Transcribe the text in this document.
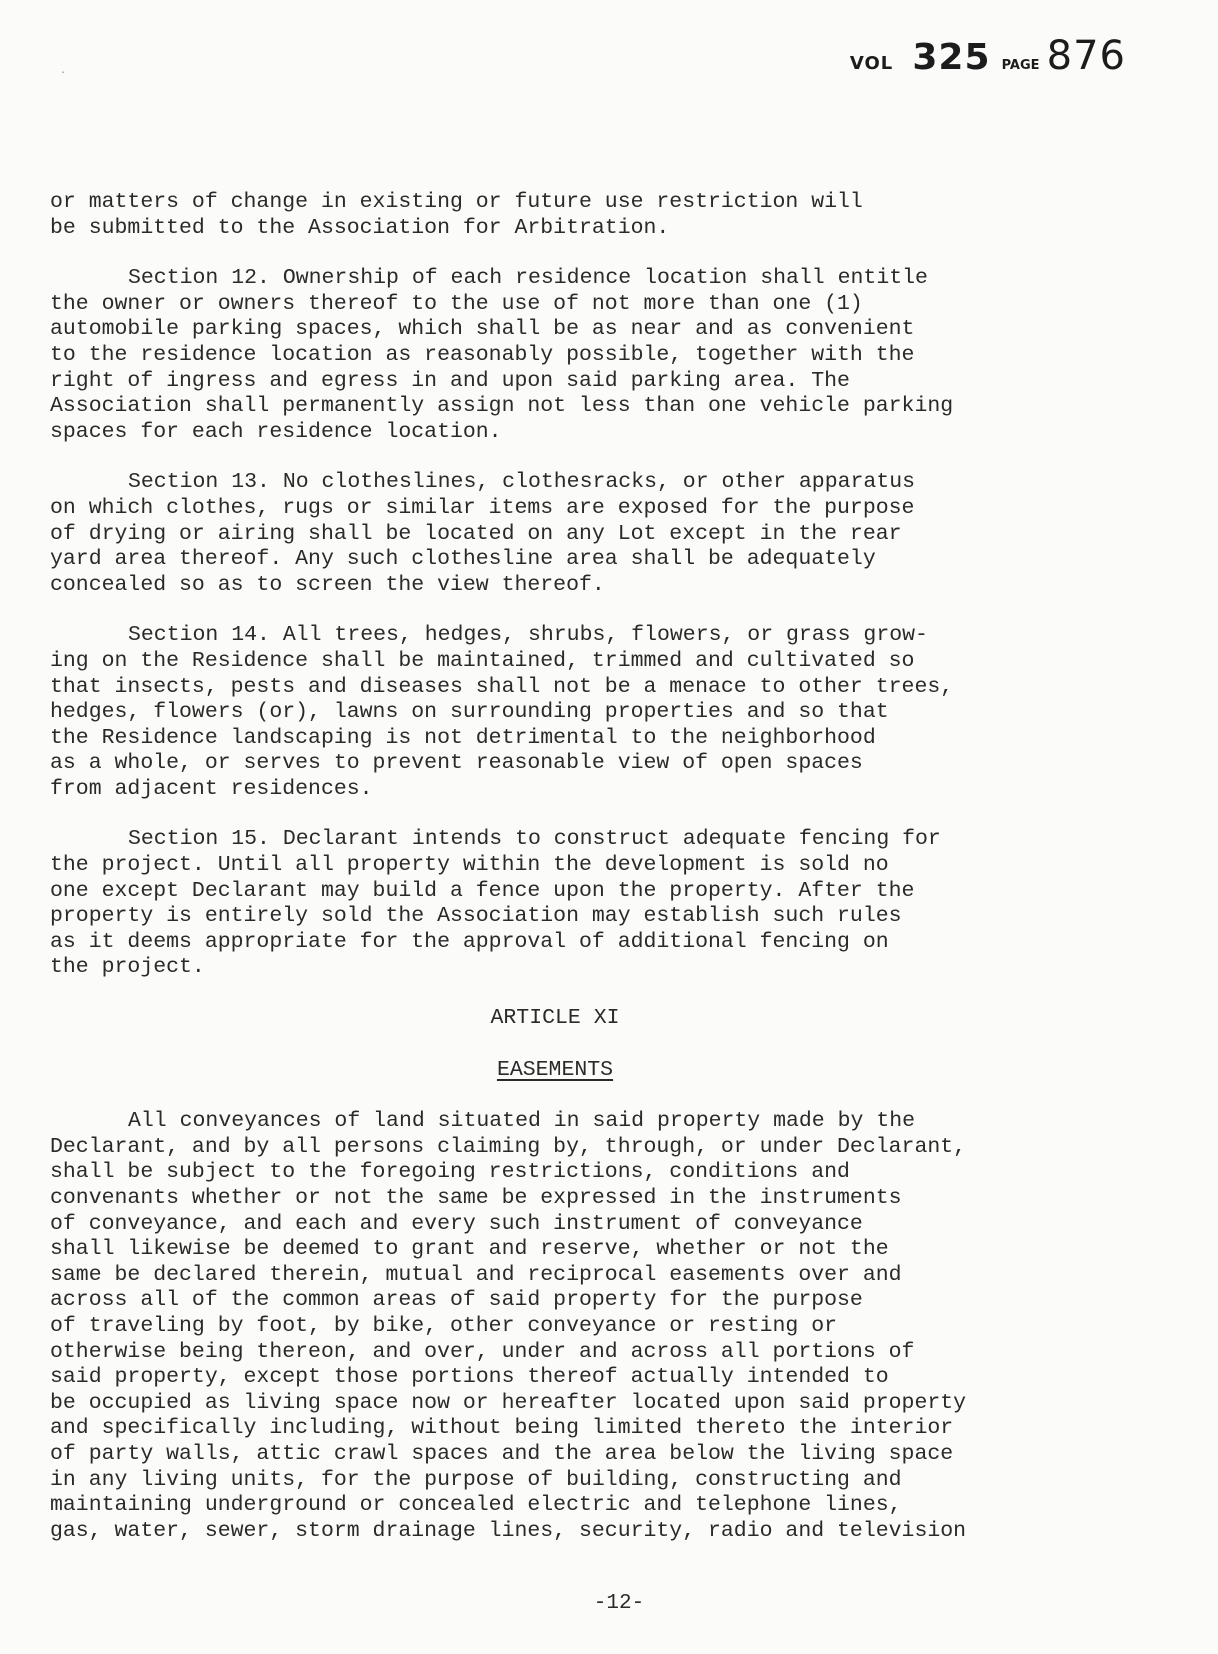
·	VOL 325 PAGE 876

or matters of change in existing or future use restriction will
be submitted to the Association for Arbitration.

Section 12. Ownership of each residence location shall entitle
the owner or owners thereof to the use of not more than one (1)
automobile parking spaces, which shall be as near and as convenient
to the residence location as reasonably possible, together with the
right of ingress and egress in and upon said parking area. The
Association shall permanently assign not less than one vehicle parking
spaces for each residence location.

Section 13. No clotheslines, clothesracks, or other apparatus
on which clothes, rugs or similar items are exposed for the purpose
of drying or airing shall be located on any Lot except in the rear
yard area thereof. Any such clothesline area shall be adequately
concealed so as to screen the view thereof.

Section 14. All trees, hedges, shrubs, flowers, or grass grow-
ing on the Residence shall be maintained, trimmed and cultivated so
that insects, pests and diseases shall not be a menace to other trees,
hedges, flowers (or), lawns on surrounding properties and so that
the Residence landscaping is not detrimental to the neighborhood
as a whole, or serves to prevent reasonable view of open spaces
from adjacent residences.

Section 15. Declarant intends to construct adequate fencing for
the project. Until all property within the development is sold no
one except Declarant may build a fence upon the property. After the
property is entirely sold the Association may establish such rules
as it deems appropriate for the approval of additional fencing on
the project.

ARTICLE XI
EASEMENTS

All conveyances of land situated in said property made by the
Declarant, and by all persons claiming by, through, or under Declarant,
shall be subject to the foregoing restrictions, conditions and
convenants whether or not the same be expressed in the instruments
of conveyance, and each and every such instrument of conveyance
shall likewise be deemed to grant and reserve, whether or not the
same be declared therein, mutual and reciprocal easements over and
across all of the common areas of said property for the purpose
of traveling by foot, by bike, other conveyance or resting or
otherwise being thereon, and over, under and across all portions of
said property, except those portions thereof actually intended to
be occupied as living space now or hereafter located upon said property
and specifically including, without being limited thereto the interior
of party walls, attic crawl spaces and the area below the living space
in any living units, for the purpose of building, constructing and
maintaining underground or concealed electric and telephone lines,
gas, water, sewer, storm drainage lines, security, radio and television

-12-
